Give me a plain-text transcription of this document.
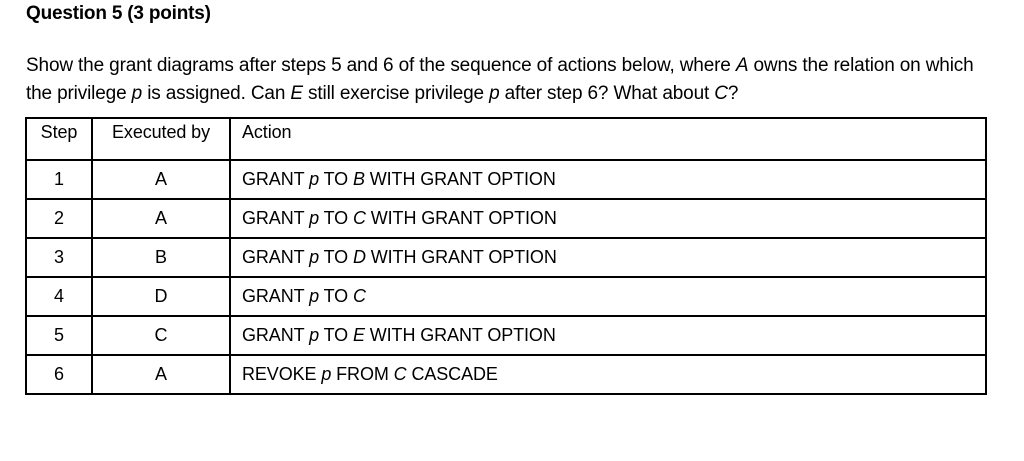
Question 5 (3 points)
Show the grant diagrams after steps 5 and 6 of the sequence of actions below, where A owns the relation on which the privilege p is assigned. Can E still exercise privilege p after step 6? What about C?
Step	Executed by	Action
1	A	GRANT p TO B WITH GRANT OPTION
2	A	GRANT p TO C WITH GRANT OPTION
3	B	GRANT p TO D WITH GRANT OPTION
4	D	GRANT p TO C
5	C	GRANT p TO E WITH GRANT OPTION
6	A	REVOKE p FROM C CASCADE
